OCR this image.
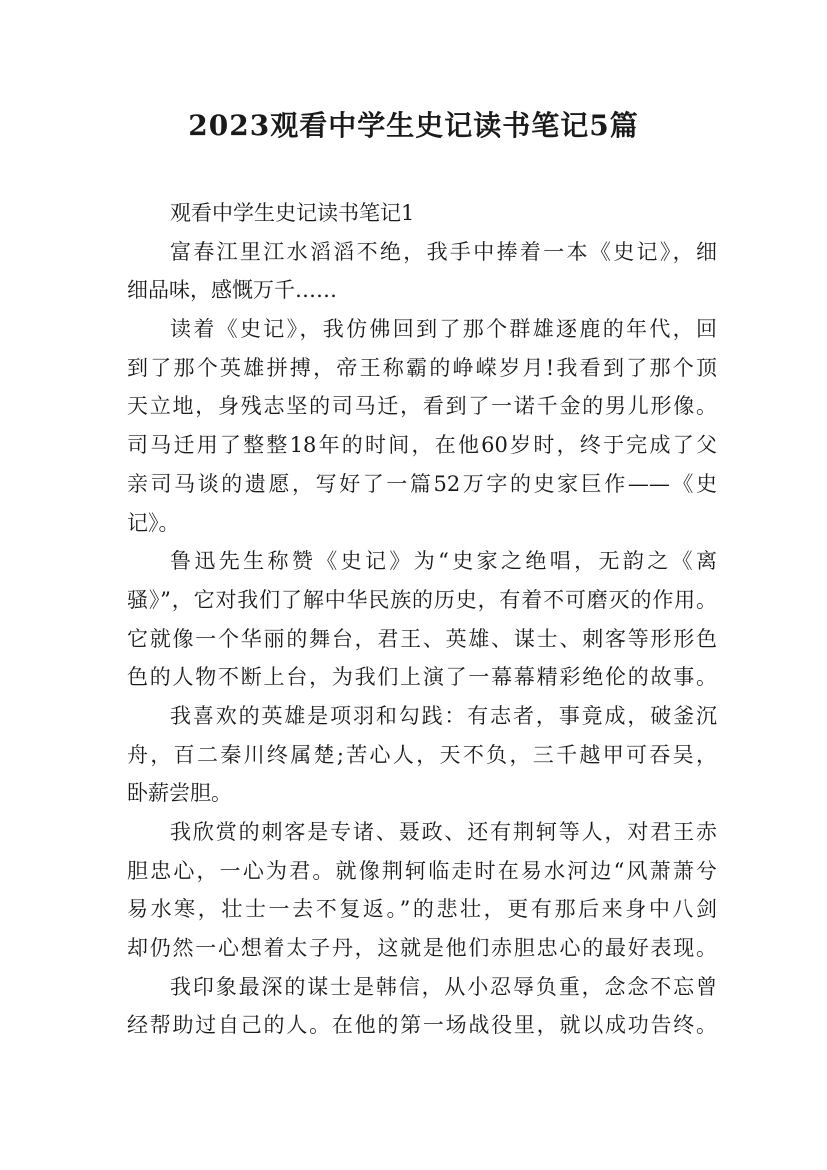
2023观看中学生史记读书笔记5篇
观看中学生史记读书笔记1
富春江里江水滔滔不绝，我手中捧着一本《史记》，细
细品味，感慨万千……
读着《史记》，我仿佛回到了那个群雄逐鹿的年代，回
到了那个英雄拼搏，帝王称霸的峥嵘岁月!我看到了那个顶
天立地，身残志坚的司马迁，看到了一诺千金的男儿形像。
司马迁用了整整18年的时间，在他60岁时，终于完成了父
亲司马谈的遗愿，写好了一篇52万字的史家巨作——《史
记》。
鲁迅先生称赞《史记》为“史家之绝唱，无韵之《离
骚》”，它对我们了解中华民族的历史，有着不可磨灭的作用。
它就像一个华丽的舞台，君王、英雄、谋士、刺客等形形色
色的人物不断上台，为我们上演了一幕幕精彩绝伦的故事。
我喜欢的英雄是项羽和勾践：有志者，事竟成，破釜沉
舟，百二秦川终属楚;苦心人，天不负，三千越甲可吞吴，
卧薪尝胆。
我欣赏的刺客是专诸、聂政、还有荆轲等人，对君王赤
胆忠心，一心为君。就像荆轲临走时在易水河边“风萧萧兮
易水寒，壮士一去不复返。”的悲壮，更有那后来身中八剑
却仍然一心想着太子丹，这就是他们赤胆忠心的最好表现。
我印象最深的谋士是韩信，从小忍辱负重，念念不忘曾
经帮助过自己的人。在他的第一场战役里，就以成功告终。
